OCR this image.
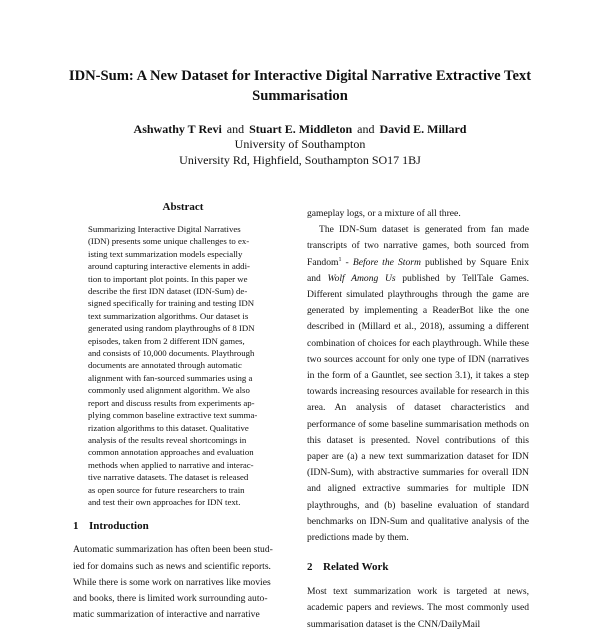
IDN-Sum: A New Dataset for Interactive Digital Narrative Extractive Text Summarisation
Ashwathy T Revi and Stuart E. Middleton and David E. Millard
University of Southampton
University Rd, Highfield, Southampton SO17 1BJ
Abstract
Summarizing Interactive Digital Narratives
(IDN) presents some unique challenges to ex-
isting text summarization models especially
around capturing interactive elements in addi-
tion to important plot points. In this paper we
describe the first IDN dataset (IDN-Sum) de-
signed specifically for training and testing IDN
text summarization algorithms. Our dataset is
generated using random playthroughs of 8 IDN
episodes, taken from 2 different IDN games,
and consists of 10,000 documents. Playthrough
documents are annotated through automatic
alignment with fan-sourced summaries using a
commonly used alignment algorithm. We also
report and discuss results from experiments ap-
plying common baseline extractive text summa-
rization algorithms to this dataset. Qualitative
analysis of the results reveal shortcomings in
common annotation approaches and evaluation
methods when applied to narrative and interac-
tive narrative datasets. The dataset is released
as open source for future researchers to train
and test their own approaches for IDN text.
1 Introduction
Automatic summarization has often been been stud-
ied for domains such as news and scientific reports.
While there is some work on narratives like movies
and books, there is limited work surrounding auto-
matic summarization of interactive and narrative

gameplay logs, or a mixture of all three.

The IDN-Sum dataset is generated from fan made transcripts of two narrative games, both sourced from Fandom$^1$ - Before the Storm published by Square Enix and Wolf Among Us published by TellTale Games. Different simulated playthroughs through the game are generated by implementing a ReaderBot like the one described in (Millard et al., 2018), assuming a different combination of choices for each playthrough. While these two sources account for only one type of IDN (narratives in the form of a Gauntlet, see section 3.1), it takes a step towards increasing resources available for research in this area. An analysis of dataset characteristics and performance of some baseline summarisation methods on this dataset is presented. Novel contributions of this paper are (a) a new text summarization dataset for IDN (IDN-Sum), with abstractive summaries for overall IDN and aligned extractive summaries for multiple IDN playthroughs, and (b) baseline evaluation of standard benchmarks on IDN-Sum and qualitative analysis of the predictions made by them.

2 Related Work
Most text summarization work is targeted at news, academic papers and reviews. The most commonly used summarisation dataset is the CNN/DailyMail
